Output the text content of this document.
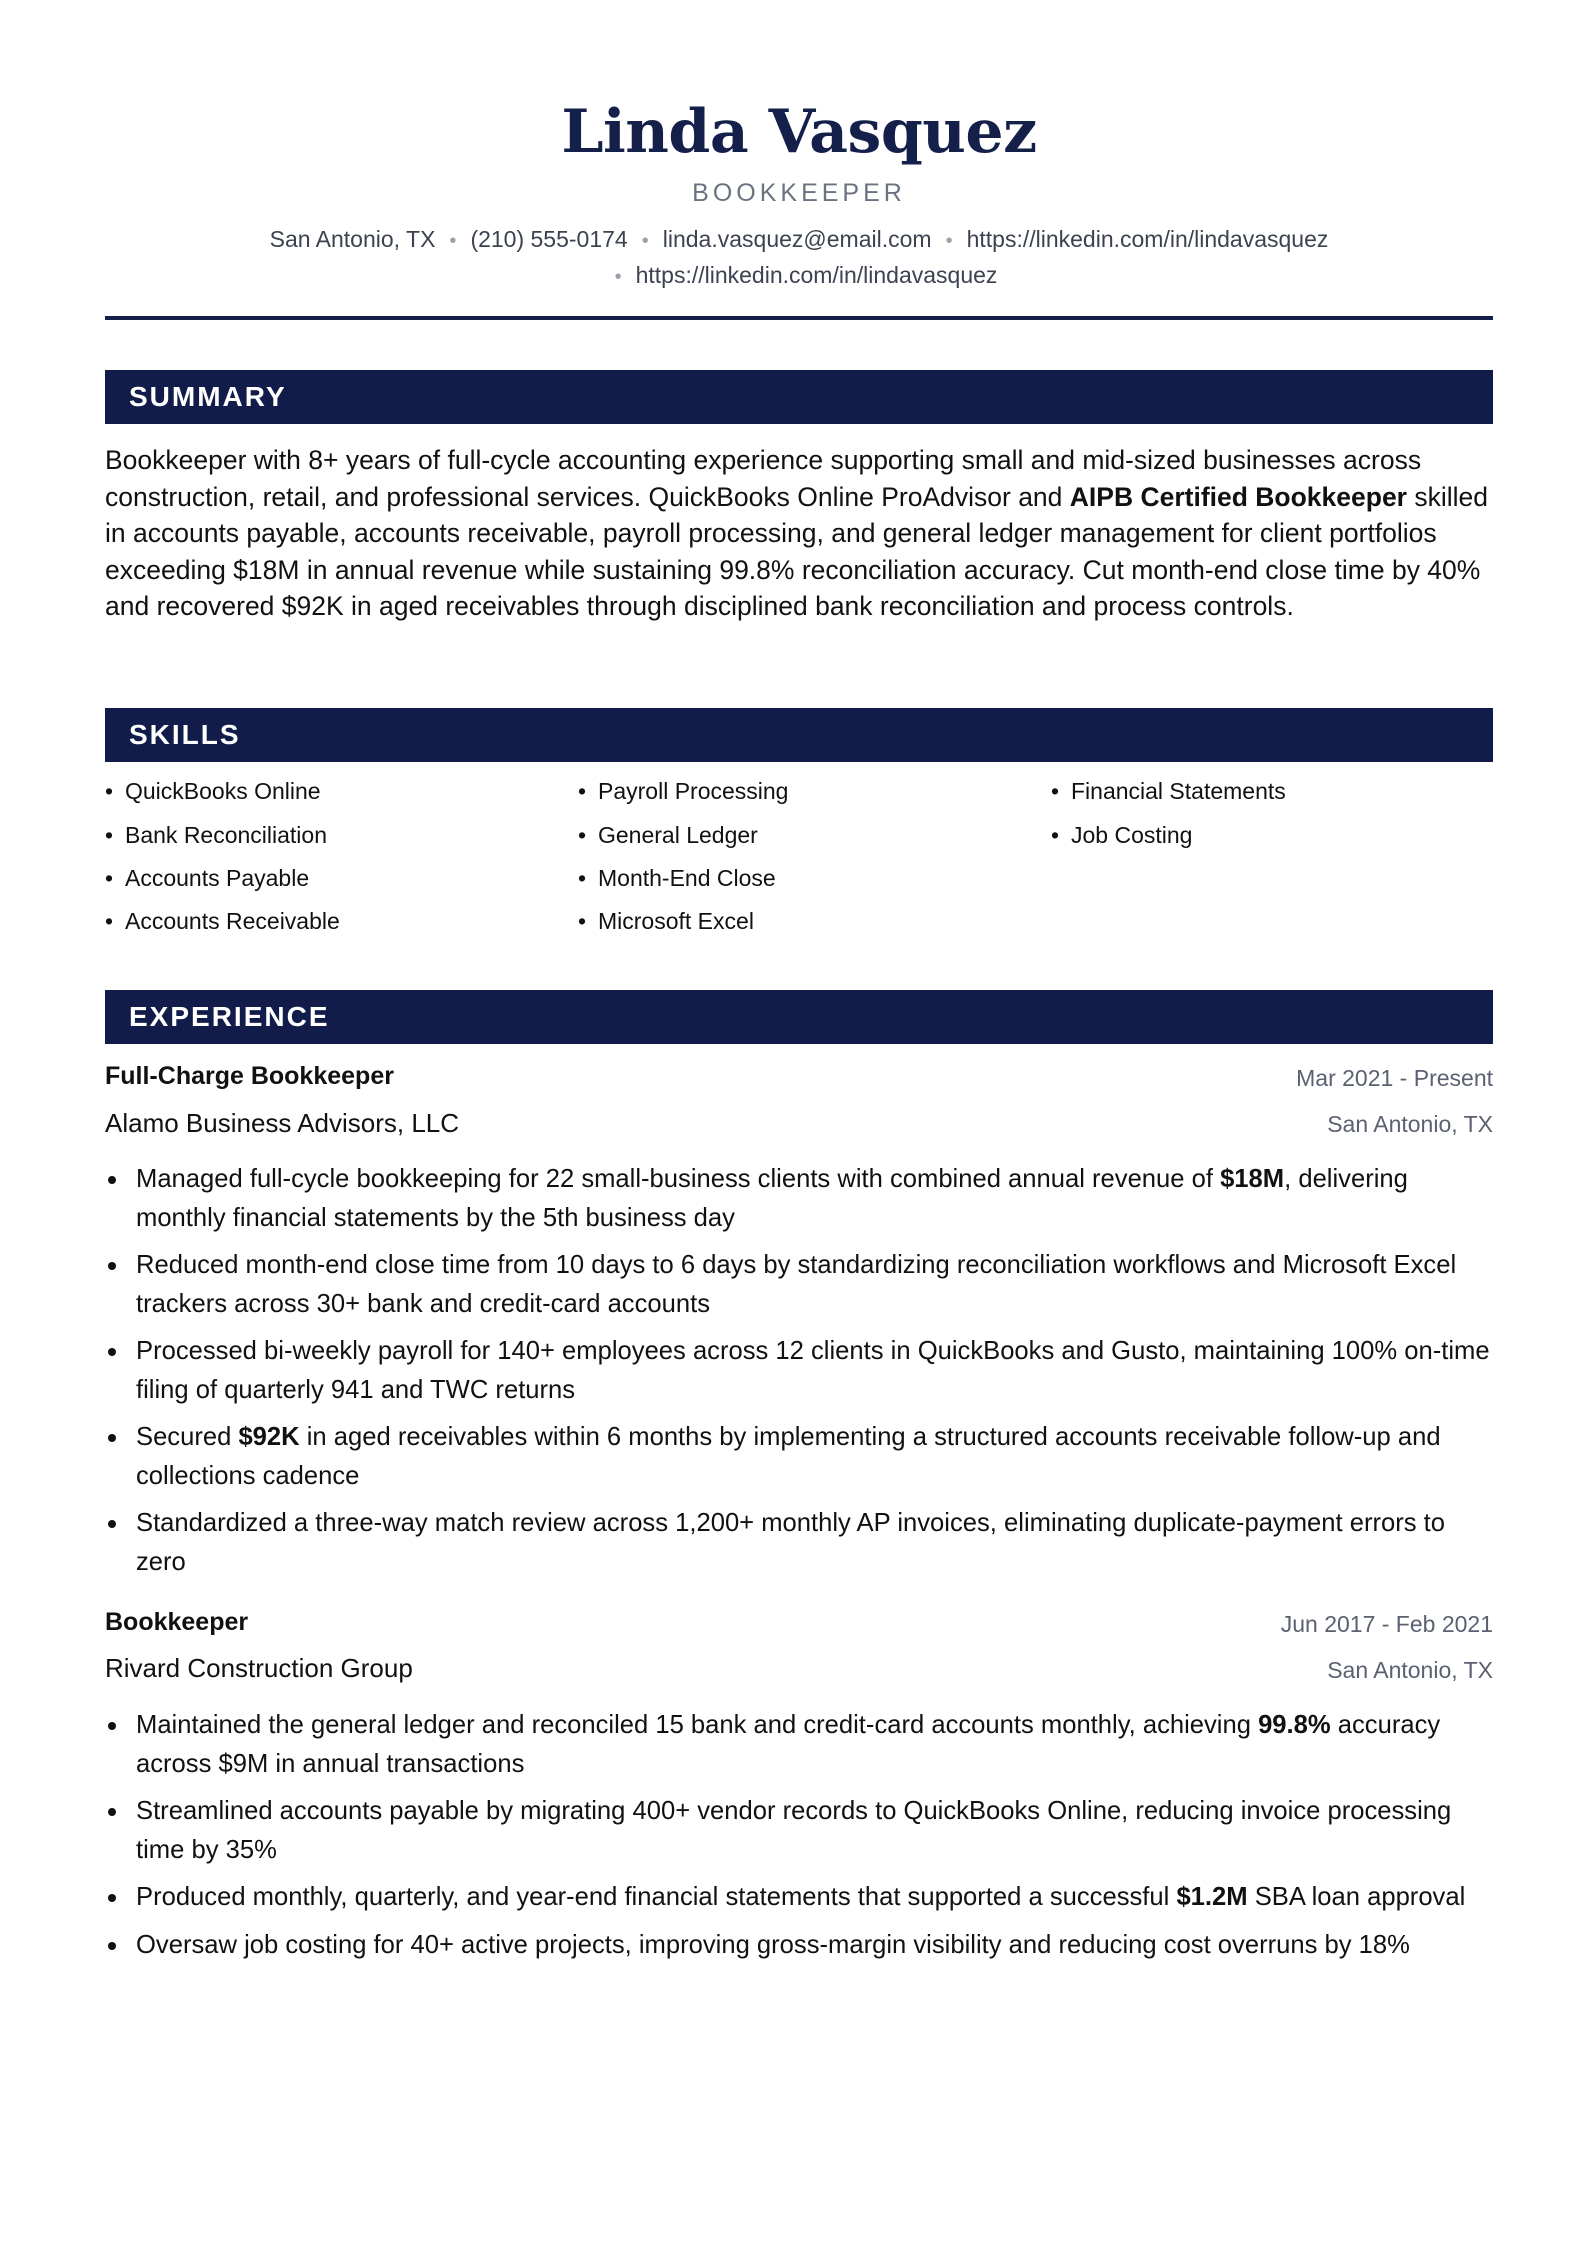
Linda Vasquez
BOOKKEEPER
San Antonio, TX • (210) 555-0174 • linda.vasquez@email.com • https://linkedin.com/in/lindavasquez
• https://linkedin.com/in/lindavasquez
SUMMARY
Bookkeeper with 8+ years of full-cycle accounting experience supporting small and mid-sized businesses across construction, retail, and professional services. QuickBooks Online ProAdvisor and AIPB Certified Bookkeeper skilled in accounts payable, accounts receivable, payroll processing, and general ledger management for client portfolios exceeding $18M in annual revenue while sustaining 99.8% reconciliation accuracy. Cut month-end close time by 40% and recovered $92K in aged receivables through disciplined bank reconciliation and process controls.
SKILLS
• QuickBooks Online
• Bank Reconciliation
• Accounts Payable
• Accounts Receivable
• Payroll Processing
• General Ledger
• Month-End Close
• Microsoft Excel
• Financial Statements
• Job Costing
EXPERIENCE
Full-Charge Bookkeeper	Mar 2021 - Present
Alamo Business Advisors, LLC	San Antonio, TX
Managed full-cycle bookkeeping for 22 small-business clients with combined annual revenue of $18M, delivering monthly financial statements by the 5th business day
Reduced month-end close time from 10 days to 6 days by standardizing reconciliation workflows and Microsoft Excel trackers across 30+ bank and credit-card accounts
Processed bi-weekly payroll for 140+ employees across 12 clients in QuickBooks and Gusto, maintaining 100% on-time filing of quarterly 941 and TWC returns
Secured $92K in aged receivables within 6 months by implementing a structured accounts receivable follow-up and collections cadence
Standardized a three-way match review across 1,200+ monthly AP invoices, eliminating duplicate-payment errors to zero
Bookkeeper	Jun 2017 - Feb 2021
Rivard Construction Group	San Antonio, TX
Maintained the general ledger and reconciled 15 bank and credit-card accounts monthly, achieving 99.8% accuracy across $9M in annual transactions
Streamlined accounts payable by migrating 400+ vendor records to QuickBooks Online, reducing invoice processing time by 35%
Produced monthly, quarterly, and year-end financial statements that supported a successful $1.2M SBA loan approval
Oversaw job costing for 40+ active projects, improving gross-margin visibility and reducing cost overruns by 18%
